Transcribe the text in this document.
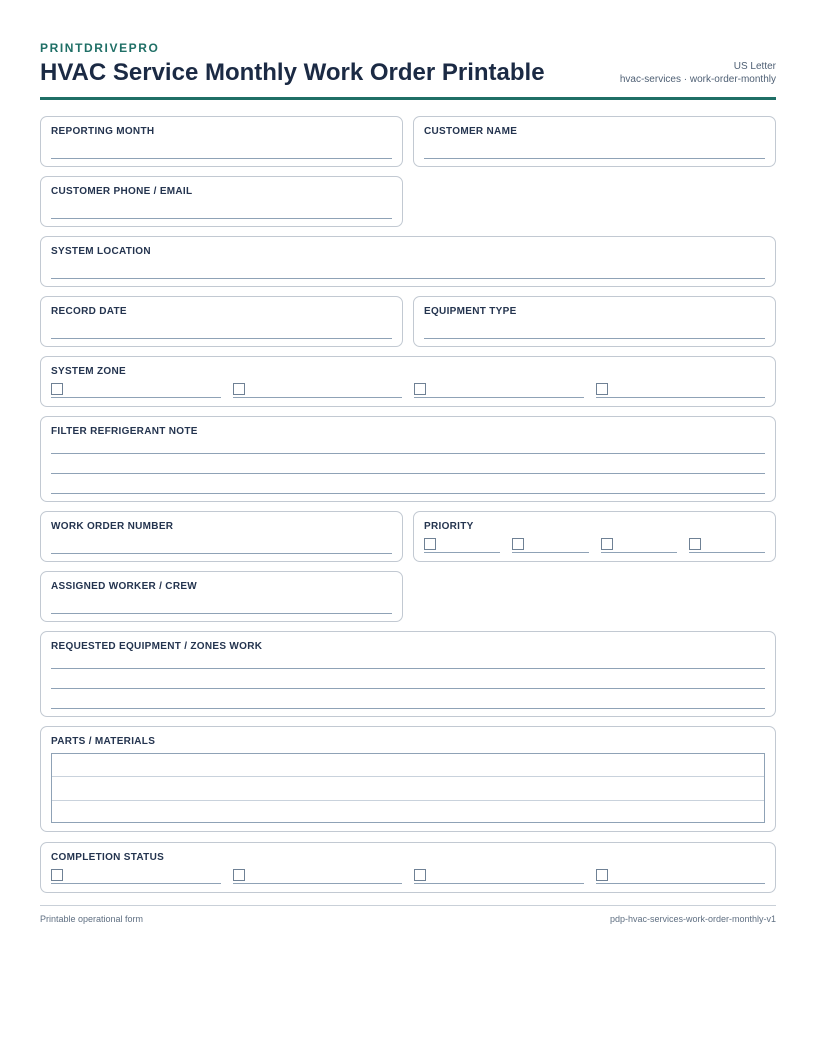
PRINTDRIVEPRO
HVAC Service Monthly Work Order Printable	US Letter
hvac-services · work-order-monthly
REPORTING MONTH	CUSTOMER NAME
CUSTOMER PHONE / EMAIL
SYSTEM LOCATION
RECORD DATE	EQUIPMENT TYPE
SYSTEM ZONE
FILTER REFRIGERANT NOTE
WORK ORDER NUMBER	PRIORITY
ASSIGNED WORKER / CREW
REQUESTED EQUIPMENT / ZONES WORK
PARTS / MATERIALS
COMPLETION STATUS
Printable operational form	pdp-hvac-services-work-order-monthly-v1
